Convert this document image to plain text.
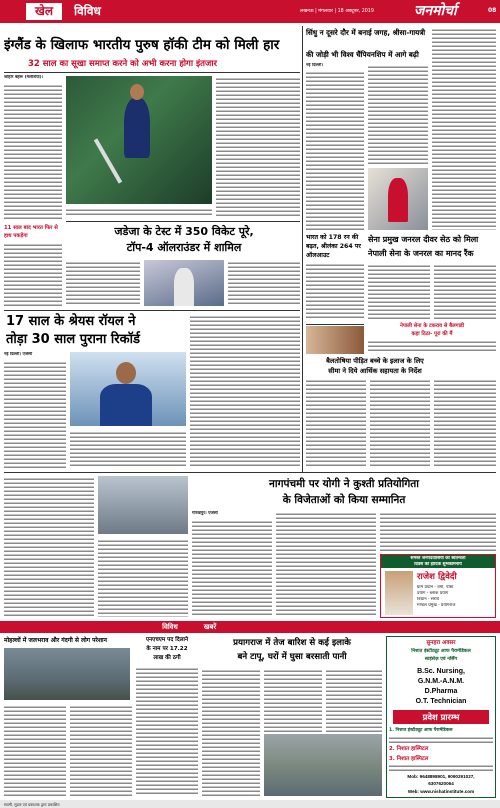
खेल	विविध	लखनऊ | मंगलवार | 18 अक्टूबर, 2019	जनमोर्चा	08
इंग्लैंड के खिलाफ भारतीय पुरुष हॉकी टीम को मिली हार
32 साल का सूखा समाप्त करने को अभी करना होगा इंतजार
जोहोर बहरू (मलेशिया)।
11 साल बाद भारत फिर से हाथ पकड़ेगा	जडेजा के टेस्ट में 350 विकेट पूरे,
टॉप-4 ऑलराउंडर में शामिल
17 साल के श्रेयस रॉयल ने
तोड़ा 30 साल पुराना रिकॉर्ड
नई दिल्ली। एजेंसी
सिंधु न दूसरे दौर में बनाई जगह, श्रीसा-गायत्री
की जोड़ी भी विश्व चैंपियनशिप में आगे बढ़ी
नई दिल्ली।
भारत को 178 रन की
बढ़त, श्रीलंका 264 पर
ऑलआउट
सेना प्रमुख जनरल दीवर सेठ को मिला
नेपाली सेना के जनरल का मानद रैंक
नेपाली सेना के टकराव से बैलगाडी
कहा ठिठा- पूरा की मैं
बैलतोषिया पीड़ित बच्चे के इलाज के लिए
सीमा ने दिये आर्थिक सहायता के निर्देश
नागपंचमी पर योगी ने कुश्ती प्रतियोगिता
के विजेताओं को किया सम्मानित
गोरखपुर। एजेंसी
समस्त जनपदवासियों को स्वतन्त्रता
दिवस की हार्दिक शुभकामनायें
राजेश द्विवेदी
ग्राम प्रधान - वर्मा, पोस्ट
प्रयाग - ब्लॉक प्रयाग
विधान - सराय
मण्डल प्रमुख - प्रयागराज
विविध	खबरें
मोहल्लों में जलभराव और गंदगी से लोग परेशान	एनएचएम पद दिलाने
के नाम पर 17.22
लाख की ठगी
प्रयागराज में तेज बारिश से कई इलाके
बने टापू, घरों में घुसा बरसाती पानी
सुनहरा अवसर
निशात इंस्टीट्यूट आफ पैरामेडिकल
साइंसेज़ एवं नर्सिंग
B.Sc. Nursing,
G.N.M.-A.N.M.
D.Pharma
O.T. Technician
प्रवेश प्रारम्भ
1. निशात इंस्टीट्यूट आफ पैरामेडिकल
2. निशात हास्पिटल
3. निशात हास्पिटल
Mob: 9648898901, 9090291027,
6307620064
Web: www.nishatinstitute.com
स्वामी, मुद्रक एवं प्रकाशक द्वारा प्रकाशित
